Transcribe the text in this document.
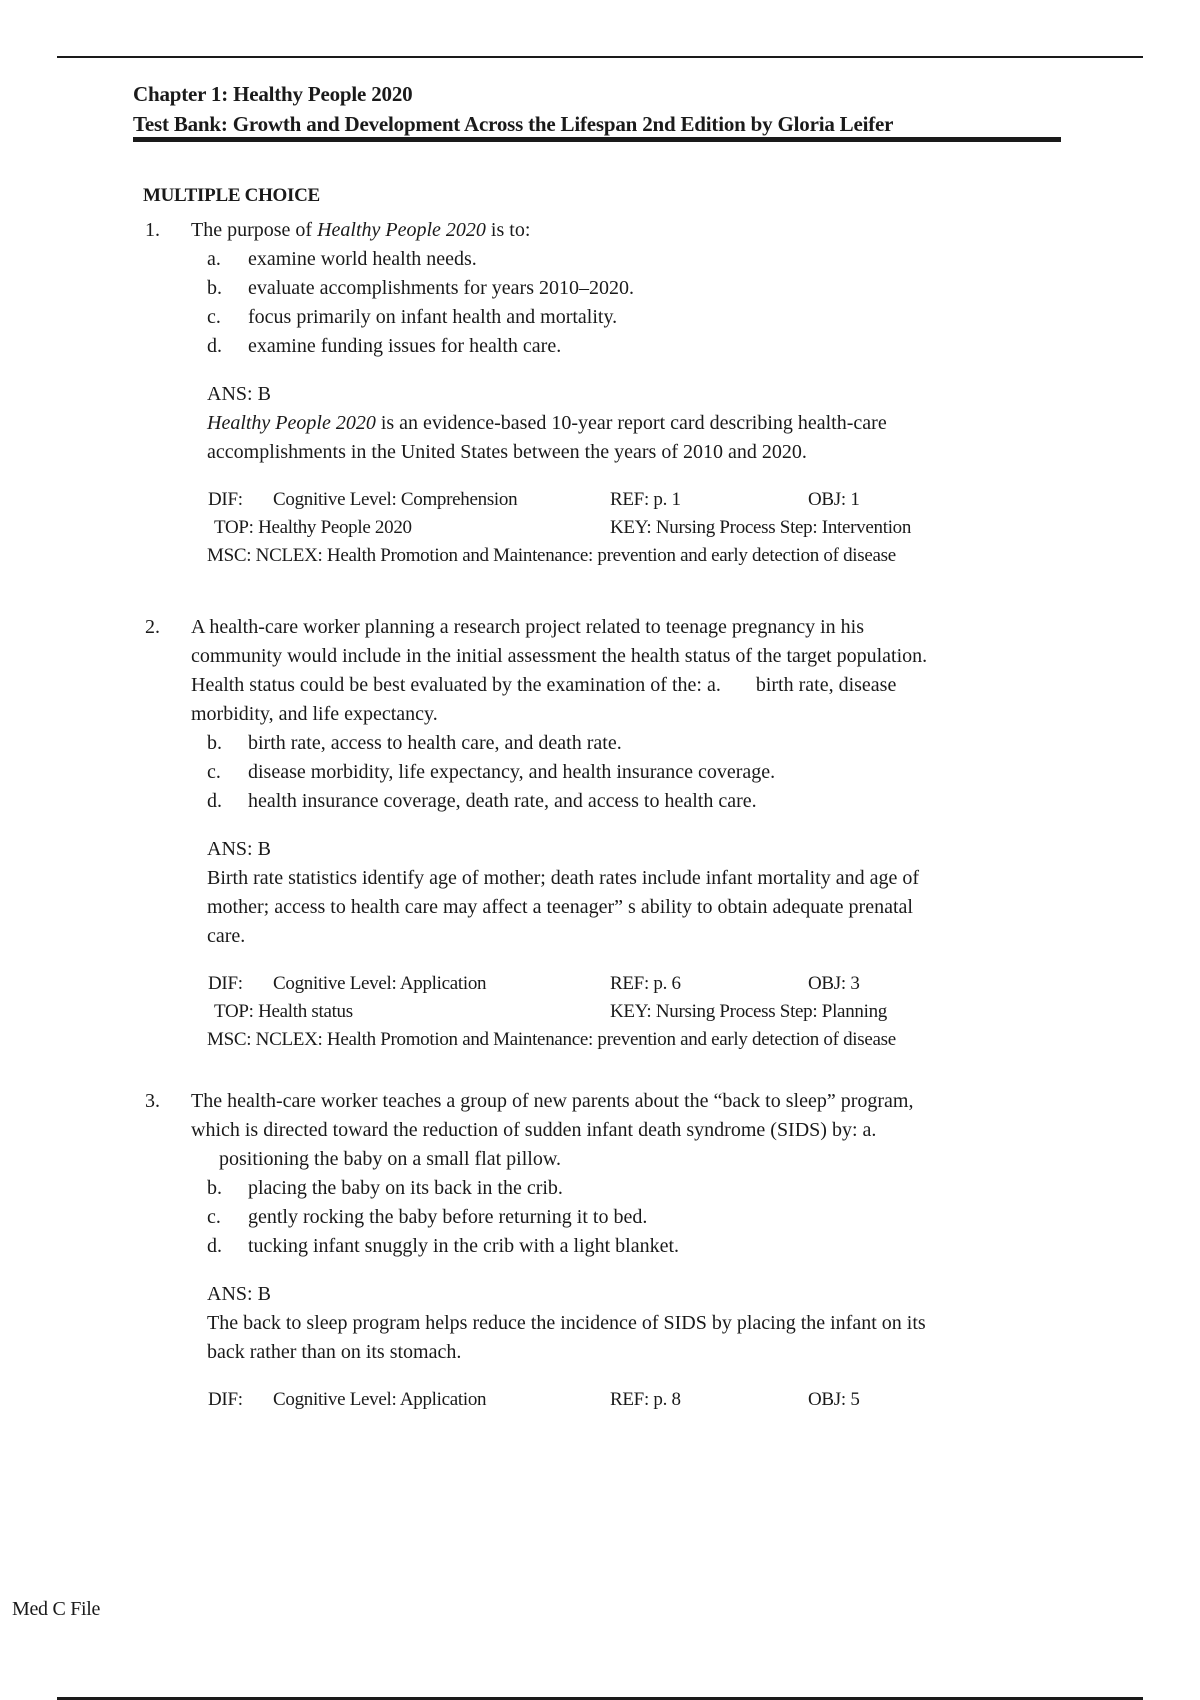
Chapter 1: Healthy People 2020
Test Bank: Growth and Development Across the Lifespan 2nd Edition by Gloria Leifer
MULTIPLE CHOICE
1. The purpose of Healthy People 2020 is to:
a. examine world health needs.
b. evaluate accomplishments for years 2010–2020.
c. focus primarily on infant health and mortality.
d. examine funding issues for health care.
ANS: B
Healthy People 2020 is an evidence-based 10-year report card describing health-care
accomplishments in the United States between the years of 2010 and 2020.
DIF: Cognitive Level: Comprehension	REF: p. 1	OBJ: 1
TOP: Healthy People 2020	KEY: Nursing Process Step: Intervention
MSC: NCLEX: Health Promotion and Maintenance: prevention and early detection of disease
2. A health-care worker planning a research project related to teenage pregnancy in his
community would include in the initial assessment the health status of the target population.
Health status could be best evaluated by the examination of the: a.       birth rate, disease
morbidity, and life expectancy.
b. birth rate, access to health care, and death rate.
c. disease morbidity, life expectancy, and health insurance coverage.
d. health insurance coverage, death rate, and access to health care.
ANS: B
Birth rate statistics identify age of mother; death rates include infant mortality and age of
mother; access to health care may affect a teenager” s ability to obtain adequate prenatal
care.
DIF: Cognitive Level: Application	REF: p. 6	OBJ: 3
TOP: Health status	KEY: Nursing Process Step: Planning
MSC: NCLEX: Health Promotion and Maintenance: prevention and early detection of disease
3. The health-care worker teaches a group of new parents about the “back to sleep” program,
which is directed toward the reduction of sudden infant death syndrome (SIDS) by: a.
positioning the baby on a small flat pillow.
b. placing the baby on its back in the crib.
c. gently rocking the baby before returning it to bed.
d. tucking infant snuggly in the crib with a light blanket.
ANS: B
The back to sleep program helps reduce the incidence of SIDS by placing the infant on its
back rather than on its stomach.
DIF: Cognitive Level: Application	REF: p. 8	OBJ: 5
Med C File
